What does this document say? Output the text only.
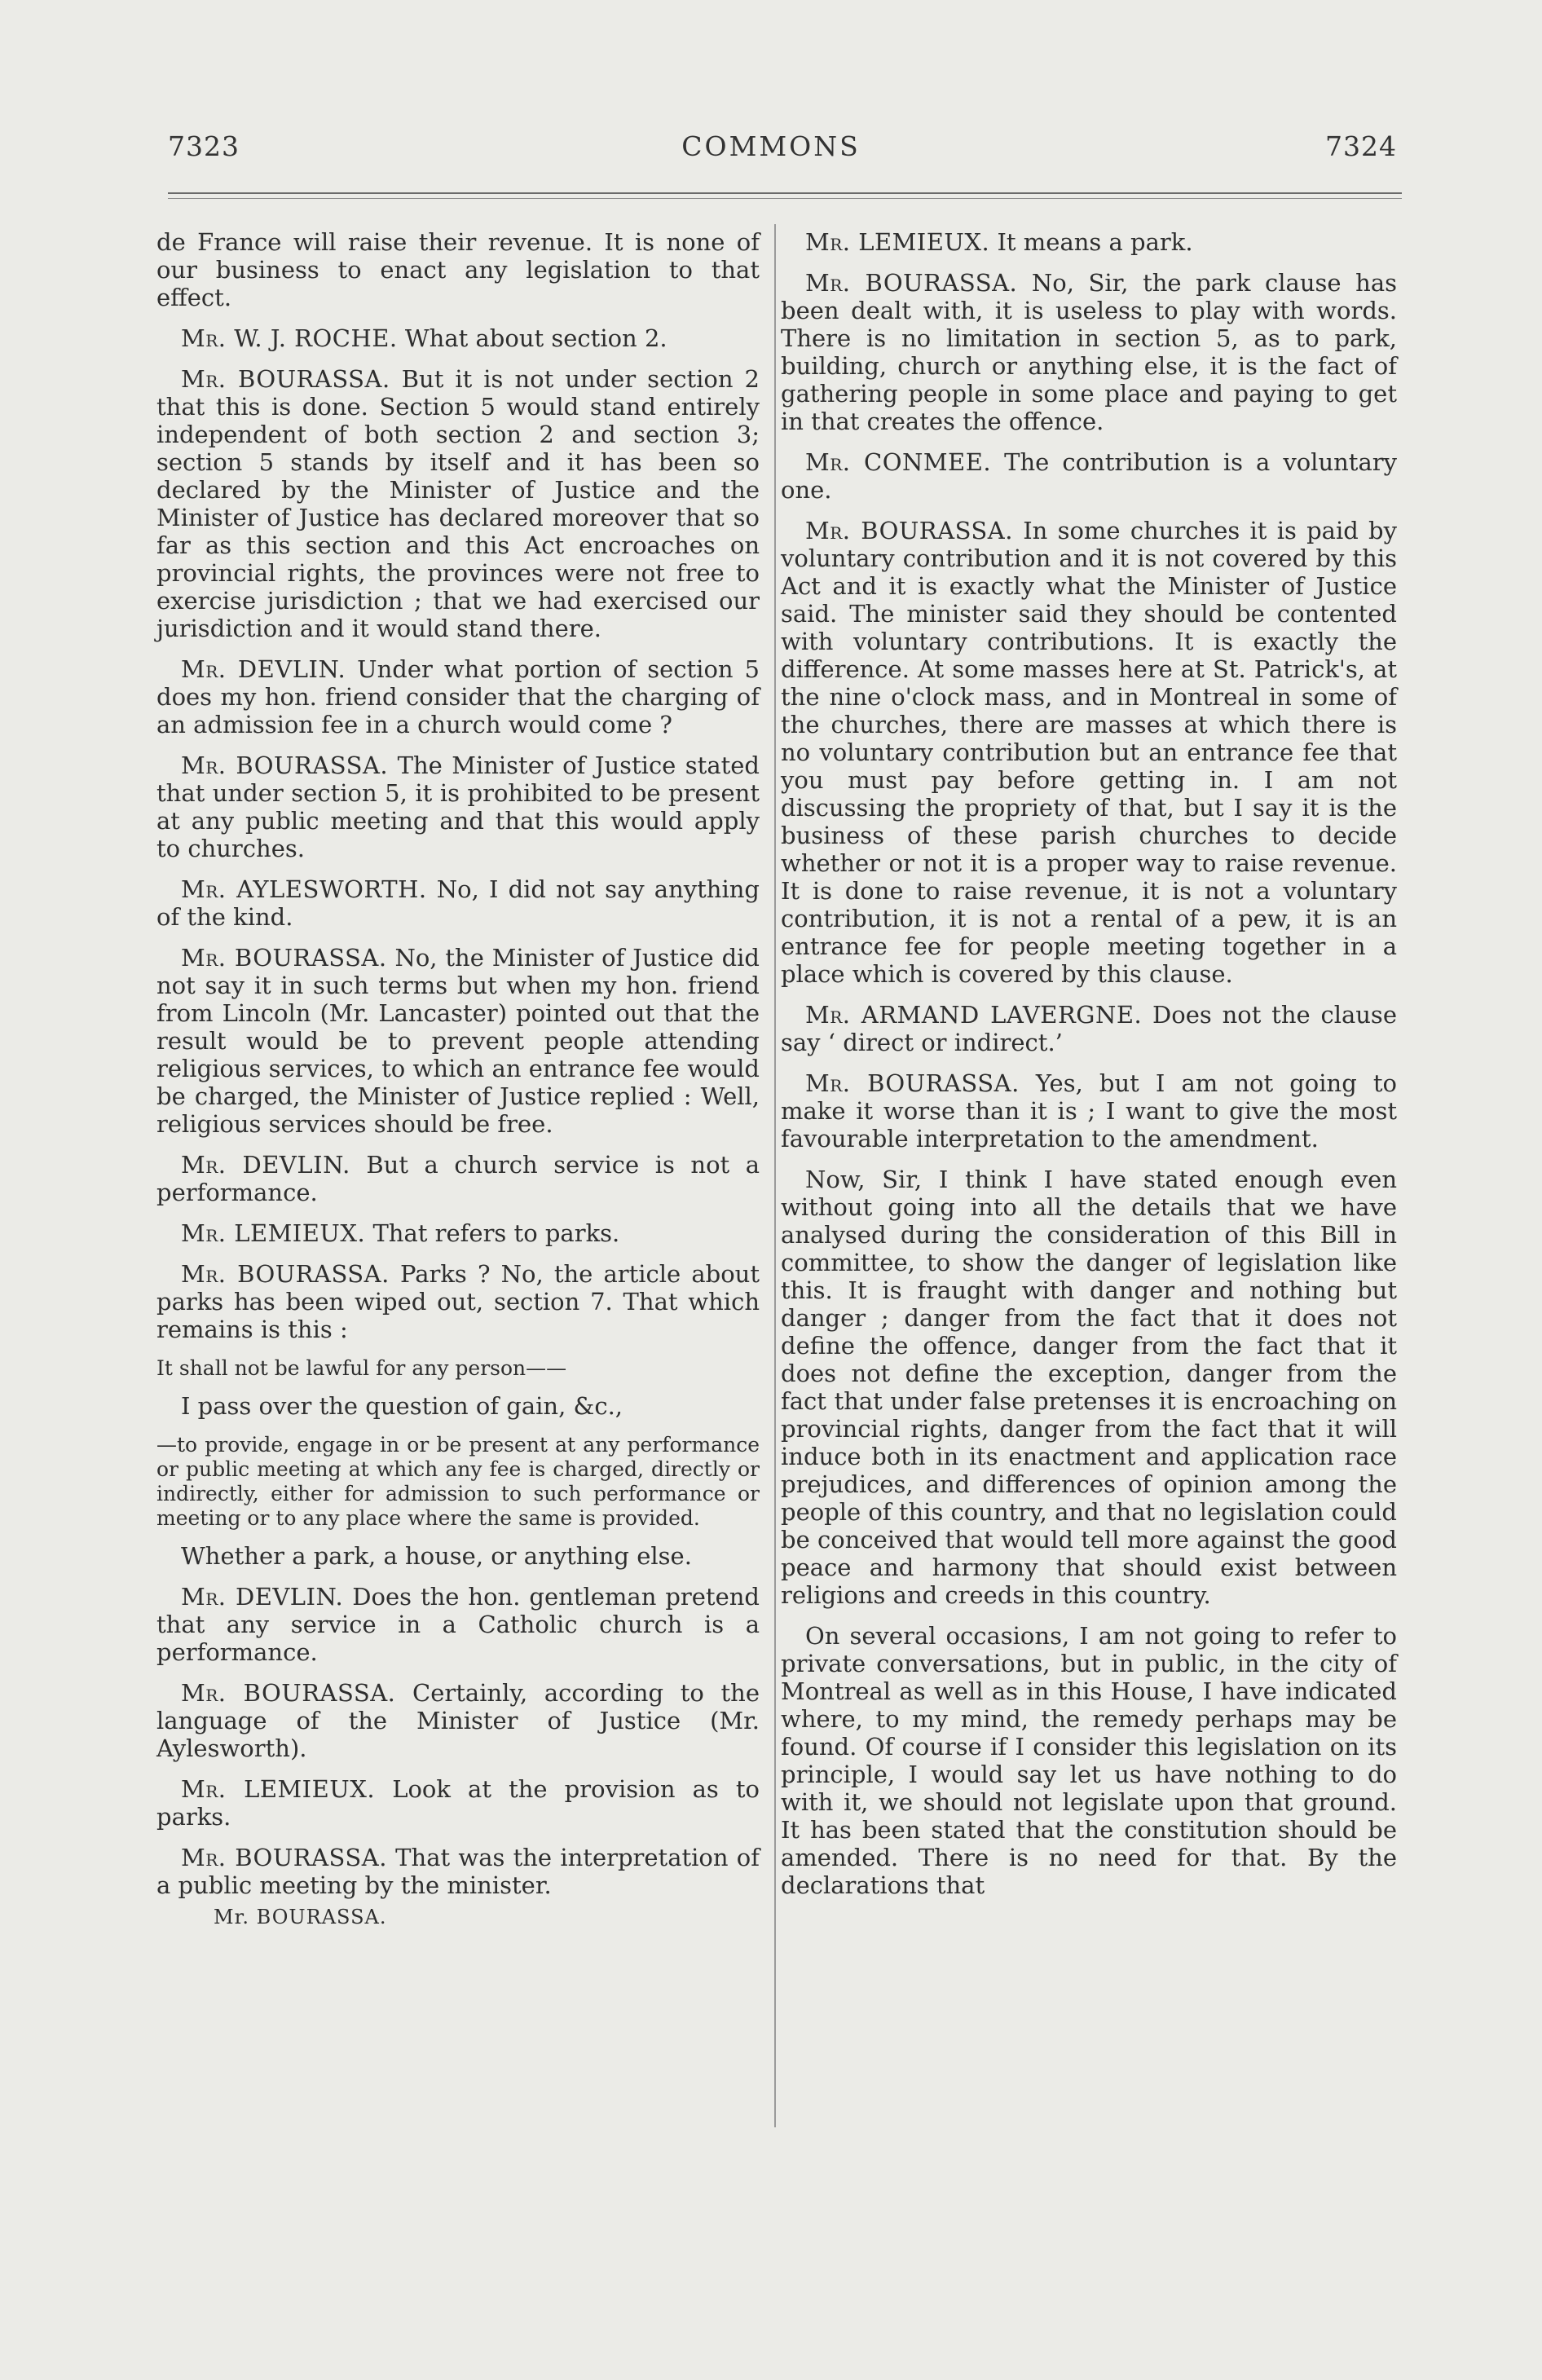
7323	COMMONS	7324

de France will raise their revenue. It is none of our business to enact any legislation to that effect.

Mr. W. J. ROCHE. What about section 2.

Mr. BOURASSA. But it is not under section 2 that this is done. Section 5 would stand entirely independent of both section 2 and section 3; section 5 stands by itself and it has been so declared by the Minister of Justice and the Minister of Justice has declared moreover that so far as this section and this Act encroaches on provincial rights, the provinces were not free to exercise jurisdiction ; that we had exercised our jurisdiction and it would stand there.

Mr. DEVLIN. Under what portion of section 5 does my hon. friend consider that the charging of an admission fee in a church would come ?

Mr. BOURASSA. The Minister of Justice stated that under section 5, it is prohibited to be present at any public meeting and that this would apply to churches.

Mr. AYLESWORTH. No, I did not say anything of the kind.

Mr. BOURASSA. No, the Minister of Justice did not say it in such terms but when my hon. friend from Lincoln (Mr. Lancaster) pointed out that the result would be to prevent people attending religious services, to which an entrance fee would be charged, the Minister of Justice replied : Well, religious services should be free.

Mr. DEVLIN. But a church service is not a performance.

Mr. LEMIEUX. That refers to parks.

Mr. BOURASSA. Parks ? No, the article about parks has been wiped out, section 7. That which remains is this :

It shall not be lawful for any person——

I pass over the question of gain, &c.,

—to provide, engage in or be present at any performance or public meeting at which any fee is charged, directly or indirectly, either for admission to such performance or meeting or to any place where the same is provided.

Whether a park, a house, or anything else.

Mr. DEVLIN. Does the hon. gentleman pretend that any service in a Catholic church is a performance.

Mr. BOURASSA. Certainly, according to the language of the Minister of Justice (Mr. Aylesworth).

Mr. LEMIEUX. Look at the provision as to parks.

Mr. BOURASSA. That was the interpretation of a public meeting by the minister.

Mr. BOURASSA.

Mr. LEMIEUX. It means a park.

Mr. BOURASSA. No, Sir, the park clause has been dealt with, it is useless to play with words. There is no limitation in section 5, as to park, building, church or anything else, it is the fact of gathering people in some place and paying to get in that creates the offence.

Mr. CONMEE. The contribution is a voluntary one.

Mr. BOURASSA. In some churches it is paid by voluntary contribution and it is not covered by this Act and it is exactly what the Minister of Justice said. The minister said they should be contented with voluntary contributions. It is exactly the difference. At some masses here at St. Patrick's, at the nine o'clock mass, and in Montreal in some of the churches, there are masses at which there is no voluntary contribution but an entrance fee that you must pay before getting in. I am not discussing the propriety of that, but I say it is the business of these parish churches to decide whether or not it is a proper way to raise revenue. It is done to raise revenue, it is not a voluntary contribution, it is not a rental of a pew, it is an entrance fee for people meeting together in a place which is covered by this clause.

Mr. ARMAND LAVERGNE. Does not the clause say ‘ direct or indirect.’

Mr. BOURASSA. Yes, but I am not going to make it worse than it is ; I want to give the most favourable interpretation to the amendment.

Now, Sir, I think I have stated enough even without going into all the details that we have analysed during the consideration of this Bill in committee, to show the danger of legislation like this. It is fraught with danger and nothing but danger ; danger from the fact that it does not define the offence, danger from the fact that it does not define the exception, danger from the fact that under false pretenses it is encroaching on provincial rights, danger from the fact that it will induce both in its enactment and application race prejudices, and differences of opinion among the people of this country, and that no legislation could be conceived that would tell more against the good peace and harmony that should exist between religions and creeds in this country.

On several occasions, I am not going to refer to private conversations, but in public, in the city of Montreal as well as in this House, I have indicated where, to my mind, the remedy perhaps may be found. Of course if I consider this legislation on its principle, I would say let us have nothing to do with it, we should not legislate upon that ground. It has been stated that the constitution should be amended. There is no need for that. By the declarations that
